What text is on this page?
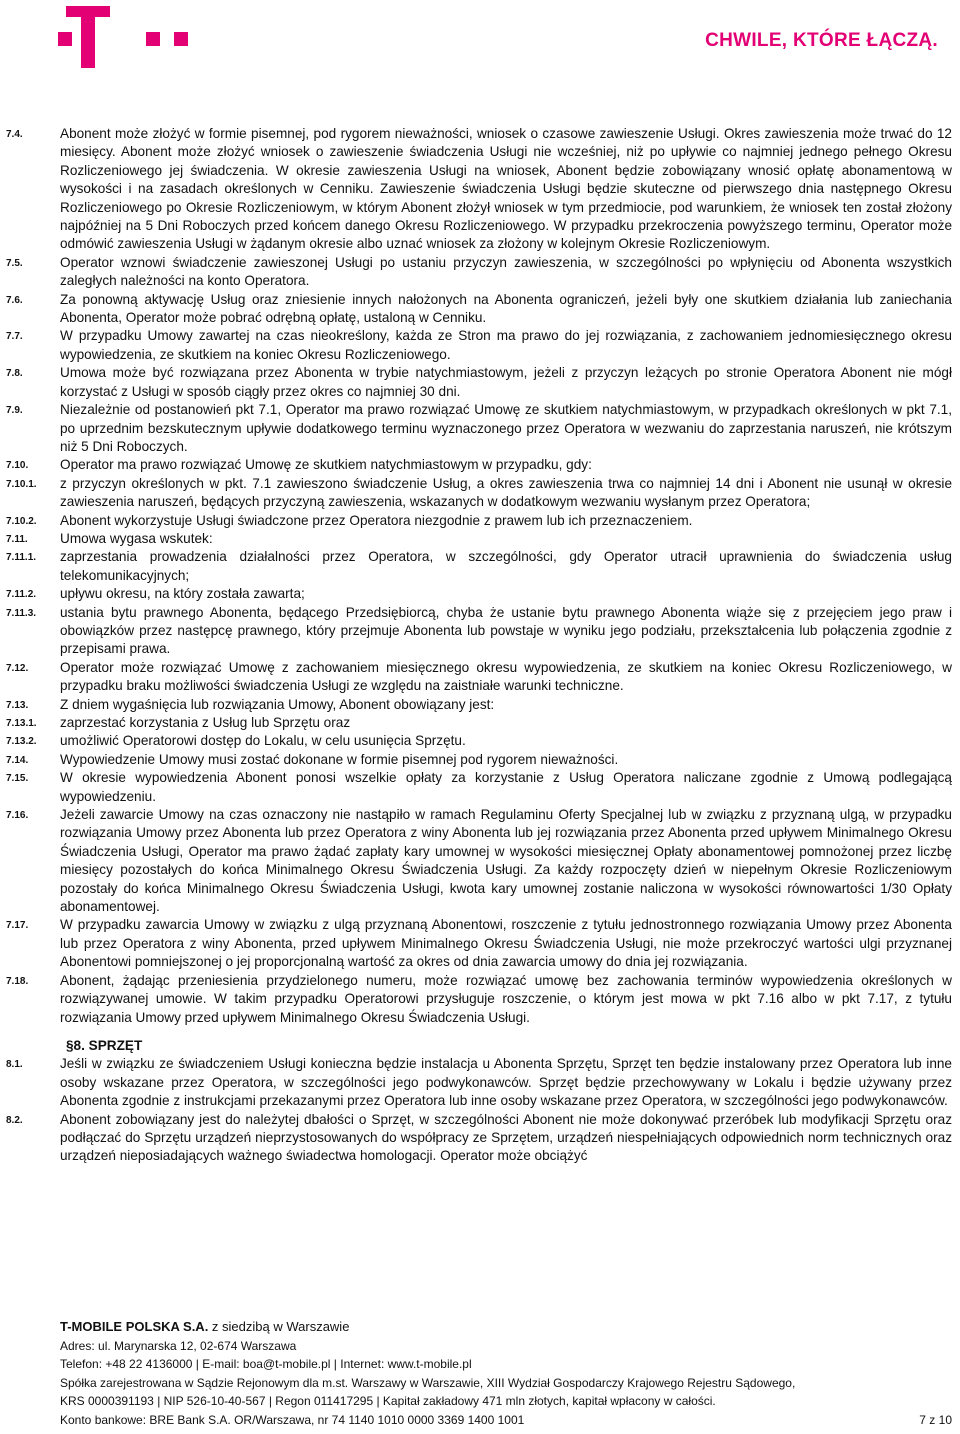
CHWILE, KTÓRE ŁĄCZĄ.
7.4.	Abonent może złożyć w formie pisemnej, pod rygorem nieważności, wniosek o czasowe zawieszenie Usługi. Okres zawieszenia może trwać do 12 miesięcy. Abonent może złożyć wniosek o zawieszenie świadczenia Usługi nie wcześniej, niż po upływie co najmniej jednego pełnego Okresu Rozliczeniowego jej świadczenia. W okresie zawieszenia Usługi na wniosek, Abonent będzie zobowiązany wnosić opłatę abonamentową w wysokości i na zasadach określonych w Cenniku. Zawieszenie świadczenia Usługi będzie skuteczne od pierwszego dnia następnego Okresu Rozliczeniowego po Okresie Rozliczeniowym, w którym Abonent złożył wniosek w tym przedmiocie, pod warunkiem, że wniosek ten został złożony najpóźniej na 5 Dni Roboczych przed końcem danego Okresu Rozliczeniowego. W przypadku przekroczenia powyższego terminu, Operator może odmówić zawieszenia Usługi w żądanym okresie albo uznać wniosek za złożony w kolejnym Okresie Rozliczeniowym.
7.5.	Operator wznowi świadczenie zawieszonej Usługi po ustaniu przyczyn zawieszenia, w szczególności po wpłynięciu od Abonenta wszystkich zaległych należności na konto Operatora.
7.6.	Za ponowną aktywację Usług oraz zniesienie innych nałożonych na Abonenta ograniczeń, jeżeli były one skutkiem działania lub zaniechania Abonenta, Operator może pobrać odrębną opłatę, ustaloną w Cenniku.
7.7.	W przypadku Umowy zawartej na czas nieokreślony, każda ze Stron ma prawo do jej rozwiązania, z zachowaniem jednomiesięcznego okresu wypowiedzenia, ze skutkiem na koniec Okresu Rozliczeniowego.
7.8.	Umowa może być rozwiązana przez Abonenta w trybie natychmiastowym, jeżeli z przyczyn leżących po stronie Operatora Abonent nie mógł korzystać z Usługi w sposób ciągły przez okres co najmniej 30 dni.
7.9.	Niezależnie od postanowień pkt 7.1, Operator ma prawo rozwiązać Umowę ze skutkiem natychmiastowym, w przypadkach określonych w pkt 7.1, po uprzednim bezskutecznym upływie dodatkowego terminu wyznaczonego przez Operatora w wezwaniu do zaprzestania naruszeń, nie krótszym niż 5 Dni Roboczych.
7.10.	Operator ma prawo rozwiązać Umowę ze skutkiem natychmiastowym w przypadku, gdy:
7.10.1.	z przyczyn określonych w pkt. 7.1 zawieszono świadczenie Usług, a okres zawieszenia trwa co najmniej 14 dni i Abonent nie usunął w okresie zawieszenia naruszeń, będących przyczyną zawieszenia, wskazanych w dodatkowym wezwaniu wysłanym przez Operatora;
7.10.2.	Abonent wykorzystuje Usługi świadczone przez Operatora niezgodnie z prawem lub ich przeznaczeniem.
7.11.	Umowa wygasa wskutek:
7.11.1.	zaprzestania prowadzenia działalności przez Operatora, w szczególności, gdy Operator utracił uprawnienia do świadczenia usług telekomunikacyjnych;
7.11.2.	upływu okresu, na który została zawarta;
7.11.3.	ustania bytu prawnego Abonenta, będącego Przedsiębiorcą, chyba że ustanie bytu prawnego Abonenta wiąże się z przejęciem jego praw i obowiązków przez następcę prawnego, który przejmuje Abonenta lub powstaje w wyniku jego podziału, przekształcenia lub połączenia zgodnie z przepisami prawa.
7.12.	Operator może rozwiązać Umowę z zachowaniem miesięcznego okresu wypowiedzenia, ze skutkiem na koniec Okresu Rozliczeniowego, w przypadku braku możliwości świadczenia Usługi ze względu na zaistniałe warunki techniczne.
7.13.	Z dniem wygaśnięcia lub rozwiązania Umowy, Abonent obowiązany jest:
7.13.1.	zaprzestać korzystania z Usług lub Sprzętu oraz
7.13.2.	umożliwić Operatorowi dostęp do Lokalu, w celu usunięcia Sprzętu.
7.14.	Wypowiedzenie Umowy musi zostać dokonane w formie pisemnej pod rygorem nieważności.
7.15.	W okresie wypowiedzenia Abonent ponosi wszelkie opłaty za korzystanie z Usług Operatora naliczane zgodnie z Umową podlegającą wypowiedzeniu.
7.16.	Jeżeli zawarcie Umowy na czas oznaczony nie nastąpiło w ramach Regulaminu Oferty Specjalnej lub w związku z przyznaną ulgą, w przypadku rozwiązania Umowy przez Abonenta lub przez Operatora z winy Abonenta lub jej rozwiązania przez Abonenta przed upływem Minimalnego Okresu Świadczenia Usługi, Operator ma prawo żądać zapłaty kary umownej w wysokości miesięcznej Opłaty abonamentowej pomnożonej przez liczbę miesięcy pozostałych do końca Minimalnego Okresu Świadczenia Usługi. Za każdy rozpoczęty dzień w niepełnym Okresie Rozliczeniowym pozostały do końca Minimalnego Okresu Świadczenia Usługi, kwota kary umownej zostanie naliczona w wysokości równowartości 1/30 Opłaty abonamentowej.
7.17.	W przypadku zawarcia Umowy w związku z ulgą przyznaną Abonentowi, roszczenie z tytułu jednostronnego rozwiązania Umowy przez Abonenta lub przez Operatora z winy Abonenta, przed upływem Minimalnego Okresu Świadczenia Usługi, nie może przekroczyć wartości ulgi przyznanej Abonentowi pomniejszonej o jej proporcjonalną wartość za okres od dnia zawarcia umowy do dnia jej rozwiązania.
7.18.	Abonent, żądając przeniesienia przydzielonego numeru, może rozwiązać umowę bez zachowania terminów wypowiedzenia określonych w rozwiązywanej umowie. W takim przypadku Operatorowi przysługuje roszczenie, o którym jest mowa w pkt 7.16 albo w pkt 7.17, z tytułu rozwiązania Umowy przed upływem Minimalnego Okresu Świadczenia Usługi.
§8. SPRZĘT
8.1.	Jeśli w związku ze świadczeniem Usługi konieczna będzie instalacja u Abonenta Sprzętu, Sprzęt ten będzie instalowany przez Operatora lub inne osoby wskazane przez Operatora, w szczególności jego podwykonawców. Sprzęt będzie przechowywany w Lokalu i będzie używany przez Abonenta zgodnie z instrukcjami przekazanymi przez Operatora lub inne osoby wskazane przez Operatora, w szczególności jego podwykonawców.
8.2.	Abonent zobowiązany jest do należytej dbałości o Sprzęt, w szczególności Abonent nie może dokonywać przeróbek lub modyfikacji Sprzętu oraz podłączać do Sprzętu urządzeń nieprzystosowanych do współpracy ze Sprzętem, urządzeń niespełniających odpowiednich norm technicznych oraz urządzeń nieposiadających ważnego świadectwa homologacji. Operator może obciążyć
T-MOBILE POLSKA S.A. z siedzibą w Warszawie
Adres: ul. Marynarska 12, 02-674 Warszawa
Telefon: +48 22 4136000 | E-mail: boa@t-mobile.pl | Internet: www.t-mobile.pl
Spółka zarejestrowana w Sądzie Rejonowym dla m.st. Warszawy w Warszawie, XIII Wydział Gospodarczy Krajowego Rejestru Sądowego,
KRS 0000391193 | NIP 526-10-40-567 | Regon 011417295 | Kapitał zakładowy 471 mln złotych, kapitał wpłacony w całości.
Konto bankowe: BRE Bank S.A. OR/Warszawa, nr 74 1140 1010 0000 3369 1400 1001	7 z 10
